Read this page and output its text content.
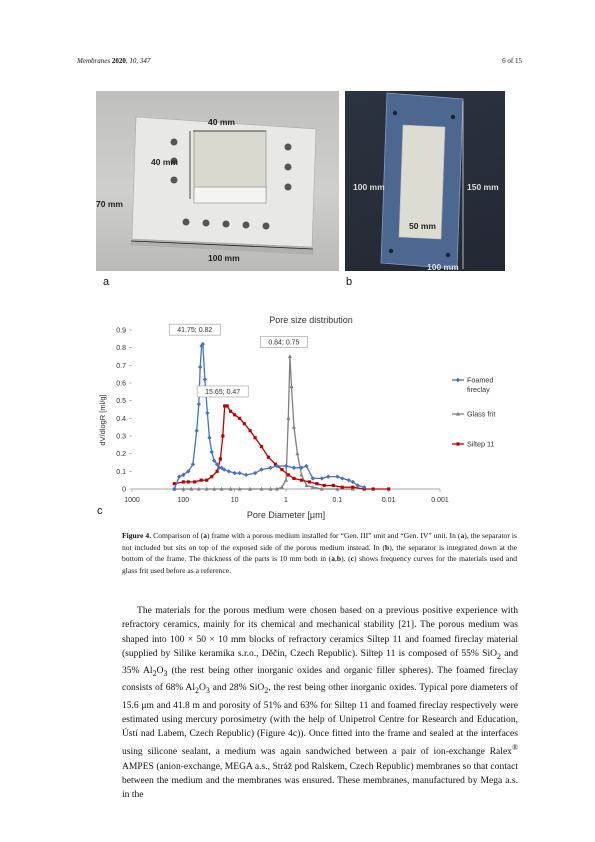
Membranes 2020, 10, 347	6 of 15
40 mm
40 mm
70 mm
100 mm
a
100 mm	150 mm
50 mm
100 mm
b
Pore size distribution
dV/dlogR [ml/g]
Pore Diameter [μm]
0
0.1
0.2
0.3
0.4
0.5
0.6
0.7
0.8
0.9
1000	100	10	1	0.1	0.01	0.001
41.75; 0.82
15.65; 0.47
0.84; 0.75
Foamed
fireclay
Glass frit
Siltep 11
c
Figure 4. Comparison of (a) frame with a porous medium installed for “Gen. III” unit and “Gen. IV” unit. In (a), the separator is not included but sits on top of the exposed side of the porous medium instead. In (b), the separator is integrated down at the bottom of the frame. The thickness of the parts is 10 mm both in (a,b). (c) shows frequency curves for the materials used and glass frit used before as a reference.

The materials for the porous medium were chosen based on a previous positive experience with refractory ceramics, mainly for its chemical and mechanical stability [21]. The porous medium was shaped into 100 × 50 × 10 mm blocks of refractory ceramics Siltep 11 and foamed fireclay material (supplied by Silike keramika s.r.o., Děčín, Czech Republic). Siltep 11 is composed of 55% SiO$_2$ and 35% $Al_2O_3$ (the rest being other inorganic oxides and organic filler spheres). The foamed fireclay consists of 68% $Al_2O_3$ and 28% SiO$_2$, the rest being other inorganic oxides. Typical pore diameters of 15.6 μm and 41.8 m and porosity of 51% and 63% for Siltep 11 and foamed fireclay respectively were estimated using mercury porosimetry (with the help of Unipetrol Centre for Research and Education, Ústí nad Labem, Czech Republic) (Figure 4c)). Once fitted into the frame and sealed at the interfaces using silicone sealant, a medium was again sandwiched between a pair of ion-exchange Ralex® AMPES (anion-exchange, MEGA a.s., Stráž pod Ralskem, Czech Republic) membranes so that contact between the medium and the membranes was ensured. These membranes, manufactured by Mega a.s. in the
